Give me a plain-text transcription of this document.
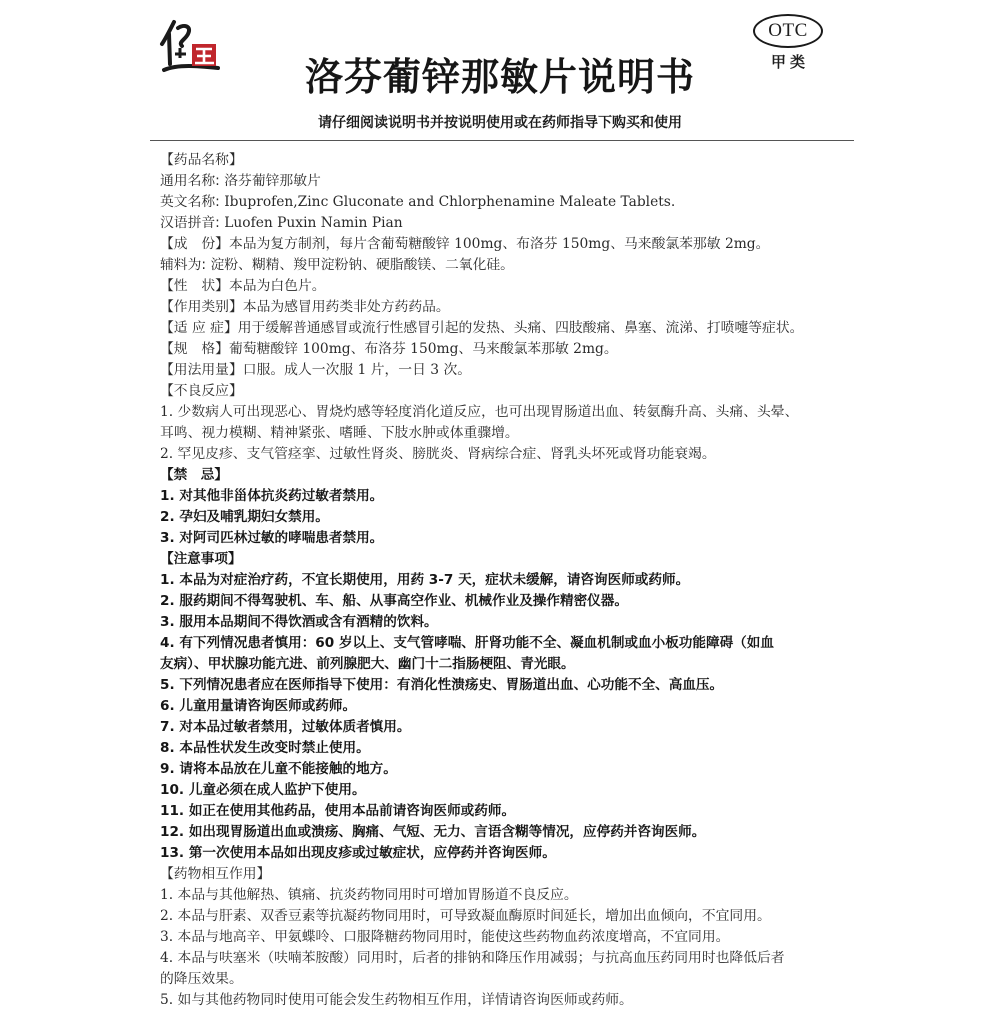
OTC
甲类
洛芬葡锌那敏片说明书
请仔细阅读说明书并按说明使用或在药师指导下购买和使用
【药品名称】
通用名称: 洛芬葡锌那敏片
英文名称: Ibuprofen,Zinc Gluconate and Chlorphenamine Maleate Tablets.
汉语拼音: Luofen Puxin Namin Pian
【成　份】本品为复方制剂，每片含葡萄糖酸锌 100mg、布洛芬 150mg、马来酸氯苯那敏 2mg。
辅料为: 淀粉、糊精、羧甲淀粉钠、硬脂酸镁、二氧化硅。
【性　状】本品为白色片。
【作用类别】本品为感冒用药类非处方药药品。
【适 应 症】用于缓解普通感冒或流行性感冒引起的发热、头痛、四肢酸痛、鼻塞、流涕、打喷嚏等症状。
【规　格】葡萄糖酸锌 100mg、布洛芬 150mg、马来酸氯苯那敏 2mg。
【用法用量】口服。成人一次服 1 片，一日 3 次。
【不良反应】
1. 少数病人可出现恶心、胃烧灼感等轻度消化道反应，也可出现胃肠道出血、转氨酶升高、头痛、头晕、
耳鸣、视力模糊、精神紧张、嗜睡、下肢水肿或体重骤增。
2. 罕见皮疹、支气管痉挛、过敏性肾炎、膀胱炎、肾病综合症、肾乳头坏死或肾功能衰竭。
【禁　忌】
1. 对其他非甾体抗炎药过敏者禁用。
2. 孕妇及哺乳期妇女禁用。
3. 对阿司匹林过敏的哮喘患者禁用。
【注意事项】
1. 本品为对症治疗药，不宜长期使用，用药 3-7 天，症状未缓解，请咨询医师或药师。
2. 服药期间不得驾驶机、车、船、从事高空作业、机械作业及操作精密仪器。
3. 服用本品期间不得饮酒或含有酒精的饮料。
4. 有下列情况患者慎用：60 岁以上、支气管哮喘、肝肾功能不全、凝血机制或血小板功能障碍（如血
友病）、甲状腺功能亢进、前列腺肥大、幽门十二指肠梗阻、青光眼。
5. 下列情况患者应在医师指导下使用：有消化性溃疡史、胃肠道出血、心功能不全、高血压。
6. 儿童用量请咨询医师或药师。
7. 对本品过敏者禁用，过敏体质者慎用。
8. 本品性状发生改变时禁止使用。
9. 请将本品放在儿童不能接触的地方。
10. 儿童必须在成人监护下使用。
11. 如正在使用其他药品，使用本品前请咨询医师或药师。
12. 如出现胃肠道出血或溃疡、胸痛、气短、无力、言语含糊等情况，应停药并咨询医师。
13. 第一次使用本品如出现皮疹或过敏症状，应停药并咨询医师。
【药物相互作用】
1. 本品与其他解热、镇痛、抗炎药物同用时可增加胃肠道不良反应。
2. 本品与肝素、双香豆素等抗凝药物同用时，可导致凝血酶原时间延长，增加出血倾向，不宜同用。
3. 本品与地高辛、甲氨蝶呤、口服降糖药物同用时，能使这些药物血药浓度增高，不宜同用。
4. 本品与呋塞米（呋喃苯胺酸）同用时，后者的排钠和降压作用减弱；与抗高血压药同用时也降低后者
的降压效果。
5. 如与其他药物同时使用可能会发生药物相互作用，详情请咨询医师或药师。
